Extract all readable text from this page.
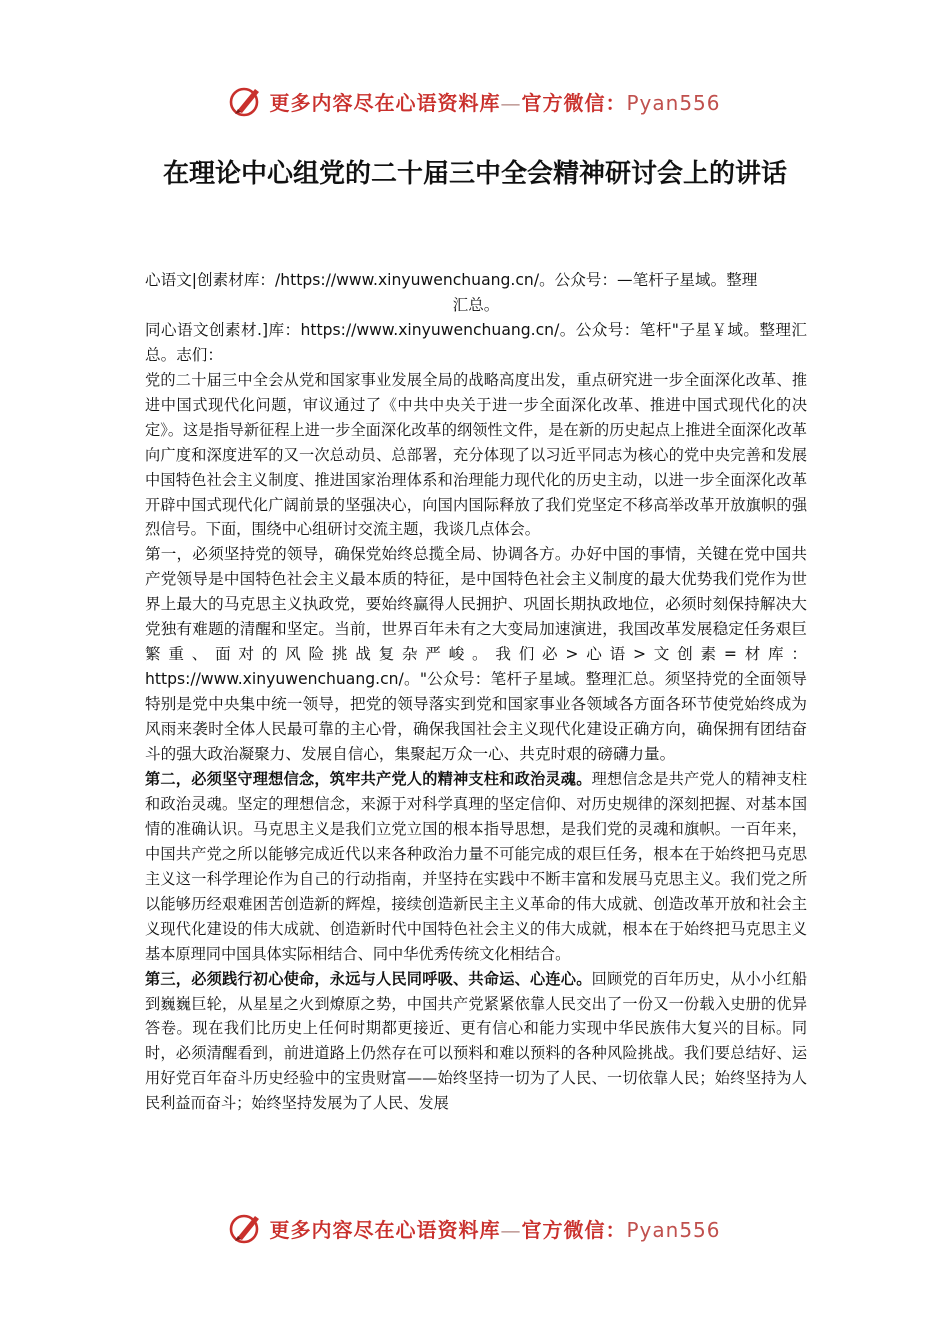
更多内容尽在心语资料库—官方微信：Pyan556
在理论中心组党的二十届三中全会精神研讨会上的讲话

心语文|创素材库：/https://www.xinyuwenchuang.cn/。公众号：—笔杆子星域。整理

汇总。

同心语文创素材.]库：https://www.xinyuwenchuang.cn/。公众号：笔杆"子星￥域。整理汇总。志们：

党的二十届三中全会从党和国家事业发展全局的战略高度出发，重点研究进一步全面深化改革、推进中国式现代化问题，审议通过了《中共中央关于进一步全面深化改革、推进中国式现代化的决定》。这是指导新征程上进一步全面深化改革的纲领性文件，是在新的历史起点上推进全面深化改革向广度和深度进军的又一次总动员、总部署，充分体现了以习近平同志为核心的党中央完善和发展中国特色社会主义制度、推进国家治理体系和治理能力现代化的历史主动，以进一步全面深化改革开辟中国式现代化广阔前景的坚强决心，向国内国际释放了我们党坚定不移高举改革开放旗帜的强烈信号。下面，围绕中心组研讨交流主题，我谈几点体会。

第一，必须坚持党的领导，确保党始终总揽全局、协调各方。办好中国的事情，关键在党中国共产党领导是中国特色社会主义最本质的特征，是中国特色社会主义制度的最大优势我们党作为世界上最大的马克思主义执政党，要始终赢得人民拥护、巩固长期执政地位，必须时刻保持解决大党独有难题的清醒和坚定。当前，世界百年未有之大变局加速演进，我国改革发展稳定任务艰巨繁重、面对的风险挑战复杂严峻。我们必>心语>文创素=材库：https://www.xinyuwenchuang.cn/。"公众号：笔杆子星域。整理汇总。须坚持党的全面领导特别是党中央集中统一领导，把党的领导落实到党和国家事业各领域各方面各环节使党始终成为风雨来袭时全体人民最可靠的主心骨，确保我国社会主义现代化建设正确方向，确保拥有团结奋斗的强大政治凝聚力、发展自信心，集聚起万众一心、共克时艰的磅礴力量。

第二，必须坚守理想信念，筑牢共产党人的精神支柱和政治灵魂。理想信念是共产党人的精神支柱和政治灵魂。坚定的理想信念，来源于对科学真理的坚定信仰、对历史规律的深刻把握、对基本国情的准确认识。马克思主义是我们立党立国的根本指导思想，是我们党的灵魂和旗帜。一百年来，中国共产党之所以能够完成近代以来各种政治力量不可能完成的艰巨任务，根本在于始终把马克思主义这一科学理论作为自己的行动指南，并坚持在实践中不断丰富和发展马克思主义。我们党之所以能够历经艰难困苦创造新的辉煌，接续创造新民主主义革命的伟大成就、创造改革开放和社会主义现代化建设的伟大成就、创造新时代中国特色社会主义的伟大成就，根本在于始终把马克思主义基本原理同中国具体实际相结合、同中华优秀传统文化相结合。

第三，必须践行初心使命，永远与人民同呼吸、共命运、心连心。回顾党的百年历史，从小小红船到巍巍巨轮，从星星之火到燎原之势，中国共产党紧紧依靠人民交出了一份又一份载入史册的优异答卷。现在我们比历史上任何时期都更接近、更有信心和能力实现中华民族伟大复兴的目标。同时，必须清醒看到，前进道路上仍然存在可以预料和难以预料的各种风险挑战。我们要总结好、运用好党百年奋斗历史经验中的宝贵财富——始终坚持一切为了人民、一切依靠人民；始终坚持为人民利益而奋斗；始终坚持发展为了人民、发展

更多内容尽在心语资料库—官方微信：Pyan556
